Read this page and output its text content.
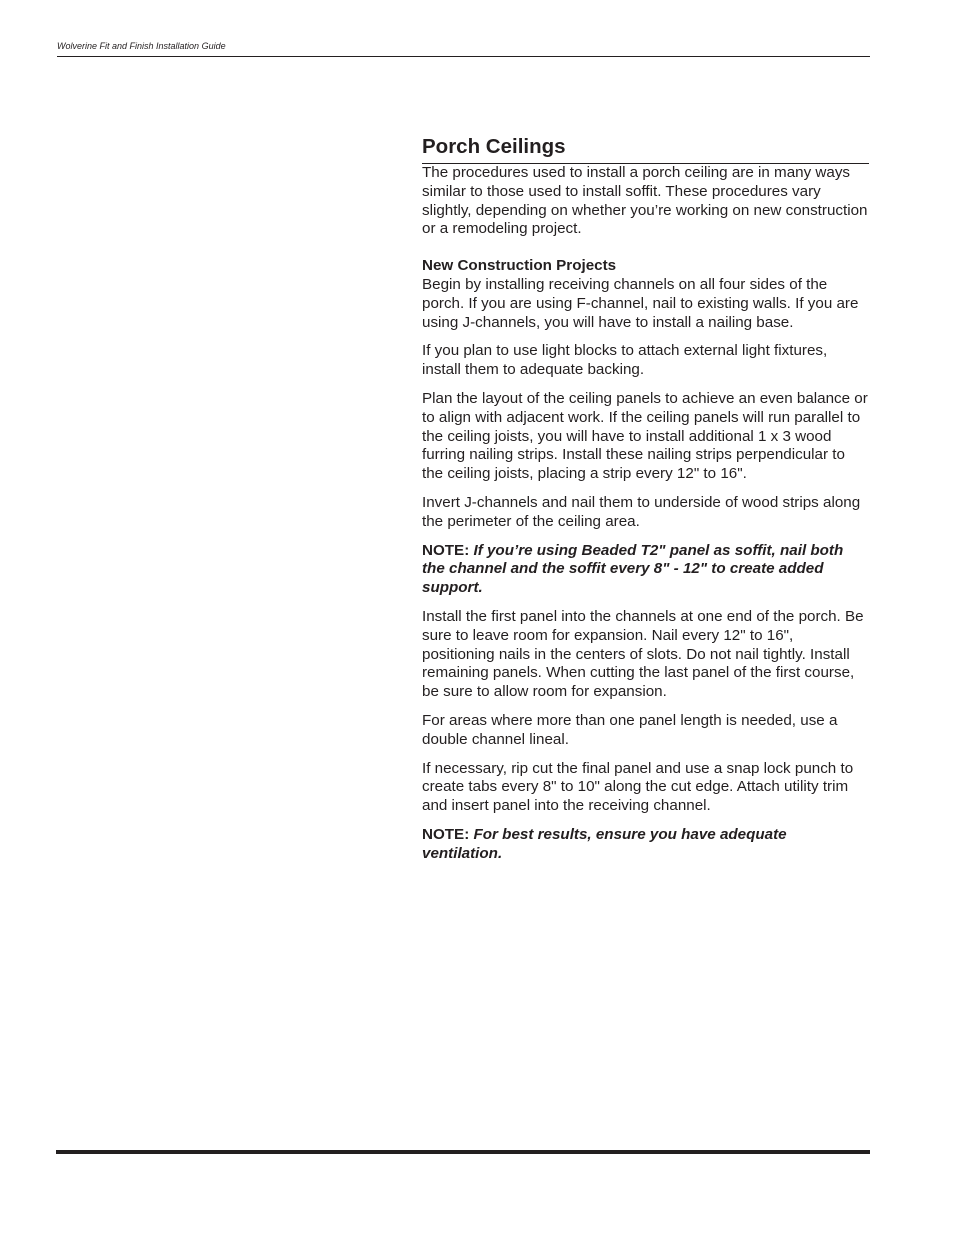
Wolverine Fit and Finish Installation Guide
Porch Ceilings

The procedures used to install a porch ceiling are in many ways similar to those used to install soffit. These procedures vary slightly, depending on whether you’re working on new construction or a remodeling project.

New Construction Projects

Begin by installing receiving channels on all four sides of the porch. If you are using F-channel, nail to existing walls. If you are using J-channels, you will have to install a nailing base.

If you plan to use light blocks to attach external light fixtures, install them to adequate backing.

Plan the layout of the ceiling panels to achieve an even balance or to align with adjacent work. If the ceiling panels will run parallel to the ceiling joists, you will have to install additional 1 x 3 wood furring nailing strips. Install these nailing strips perpendicular to the ceiling joists, placing a strip every 12" to 16".

Invert J-channels and nail them to underside of wood strips along the perimeter of the ceiling area.

NOTE: If you’re using Beaded T2" panel as soffit, nail both the channel and the soffit every 8" - 12" to create added support.

Install the first panel into the channels at one end of the porch. Be sure to leave room for expansion. Nail every 12" to 16", positioning nails in the centers of slots. Do not nail tightly. Install remaining panels. When cutting the last panel of the first course, be sure to allow room for expansion.

For areas where more than one panel length is needed, use a double channel lineal.

If necessary, rip cut the final panel and use a snap lock punch to create tabs every 8" to 10" along the cut edge. Attach utility trim and insert panel into the receiving channel.

NOTE: For best results, ensure you have adequate ventilation.
